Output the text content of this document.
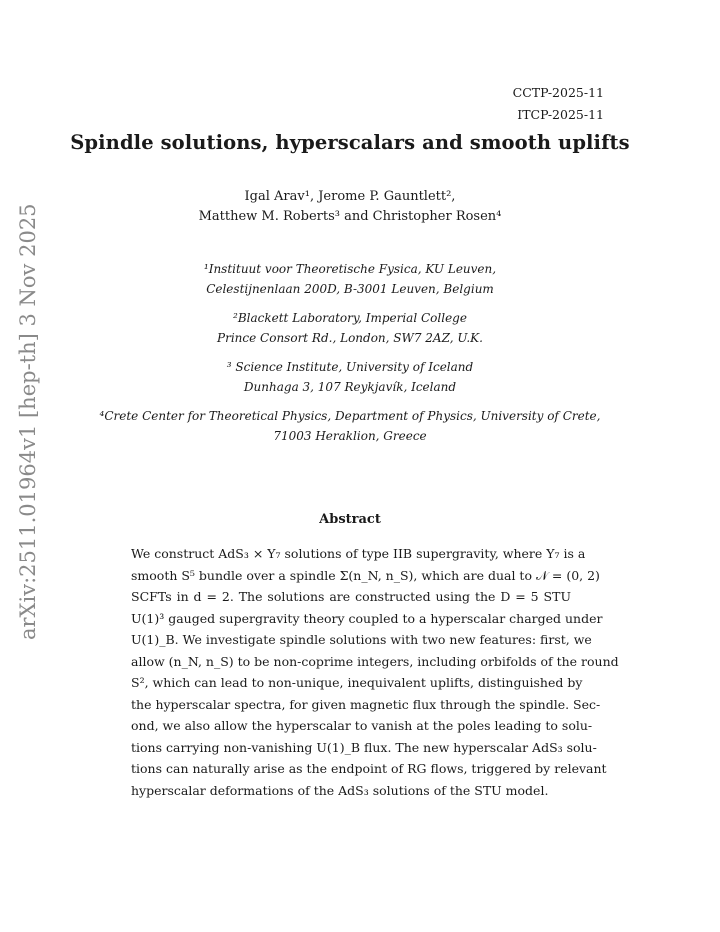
arXiv:2511.01964v1 [hep-th] 3 Nov 2025
CCTP-2025-11
ITCP-2025-11
Spindle solutions, hyperscalars and smooth uplifts
Igal Arav¹, Jerome P. Gauntlett²,
Matthew M. Roberts³ and Christopher Rosen⁴
¹Instituut voor Theoretische Fysica, KU Leuven,
Celestijnenlaan 200D, B-3001 Leuven, Belgium
²Blackett Laboratory, Imperial College
Prince Consort Rd., London, SW7 2AZ, U.K.
³ Science Institute, University of Iceland
Dunhaga 3, 107 Reykjavík, Iceland
⁴Crete Center for Theoretical Physics, Department of Physics, University of Crete,
71003 Heraklion, Greece
Abstract
We construct AdS₃ × Y₇ solutions of type IIB supergravity, where Y₇ is a
smooth S⁵ bundle over a spindle Σ(n_N, n_S), which are dual to 𝒩 = (0, 2)
SCFTs in d = 2. The solutions are constructed using the D = 5 STU
U(1)³ gauged supergravity theory coupled to a hyperscalar charged under
U(1)_B. We investigate spindle solutions with two new features: first, we
allow (n_N, n_S) to be non-coprime integers, including orbifolds of the round
S², which can lead to non-unique, inequivalent uplifts, distinguished by
the hyperscalar spectra, for given magnetic flux through the spindle. Sec-
ond, we also allow the hyperscalar to vanish at the poles leading to solu-
tions carrying non-vanishing U(1)_B flux. The new hyperscalar AdS₃ solu-
tions can naturally arise as the endpoint of RG flows, triggered by relevant
hyperscalar deformations of the AdS₃ solutions of the STU model.
